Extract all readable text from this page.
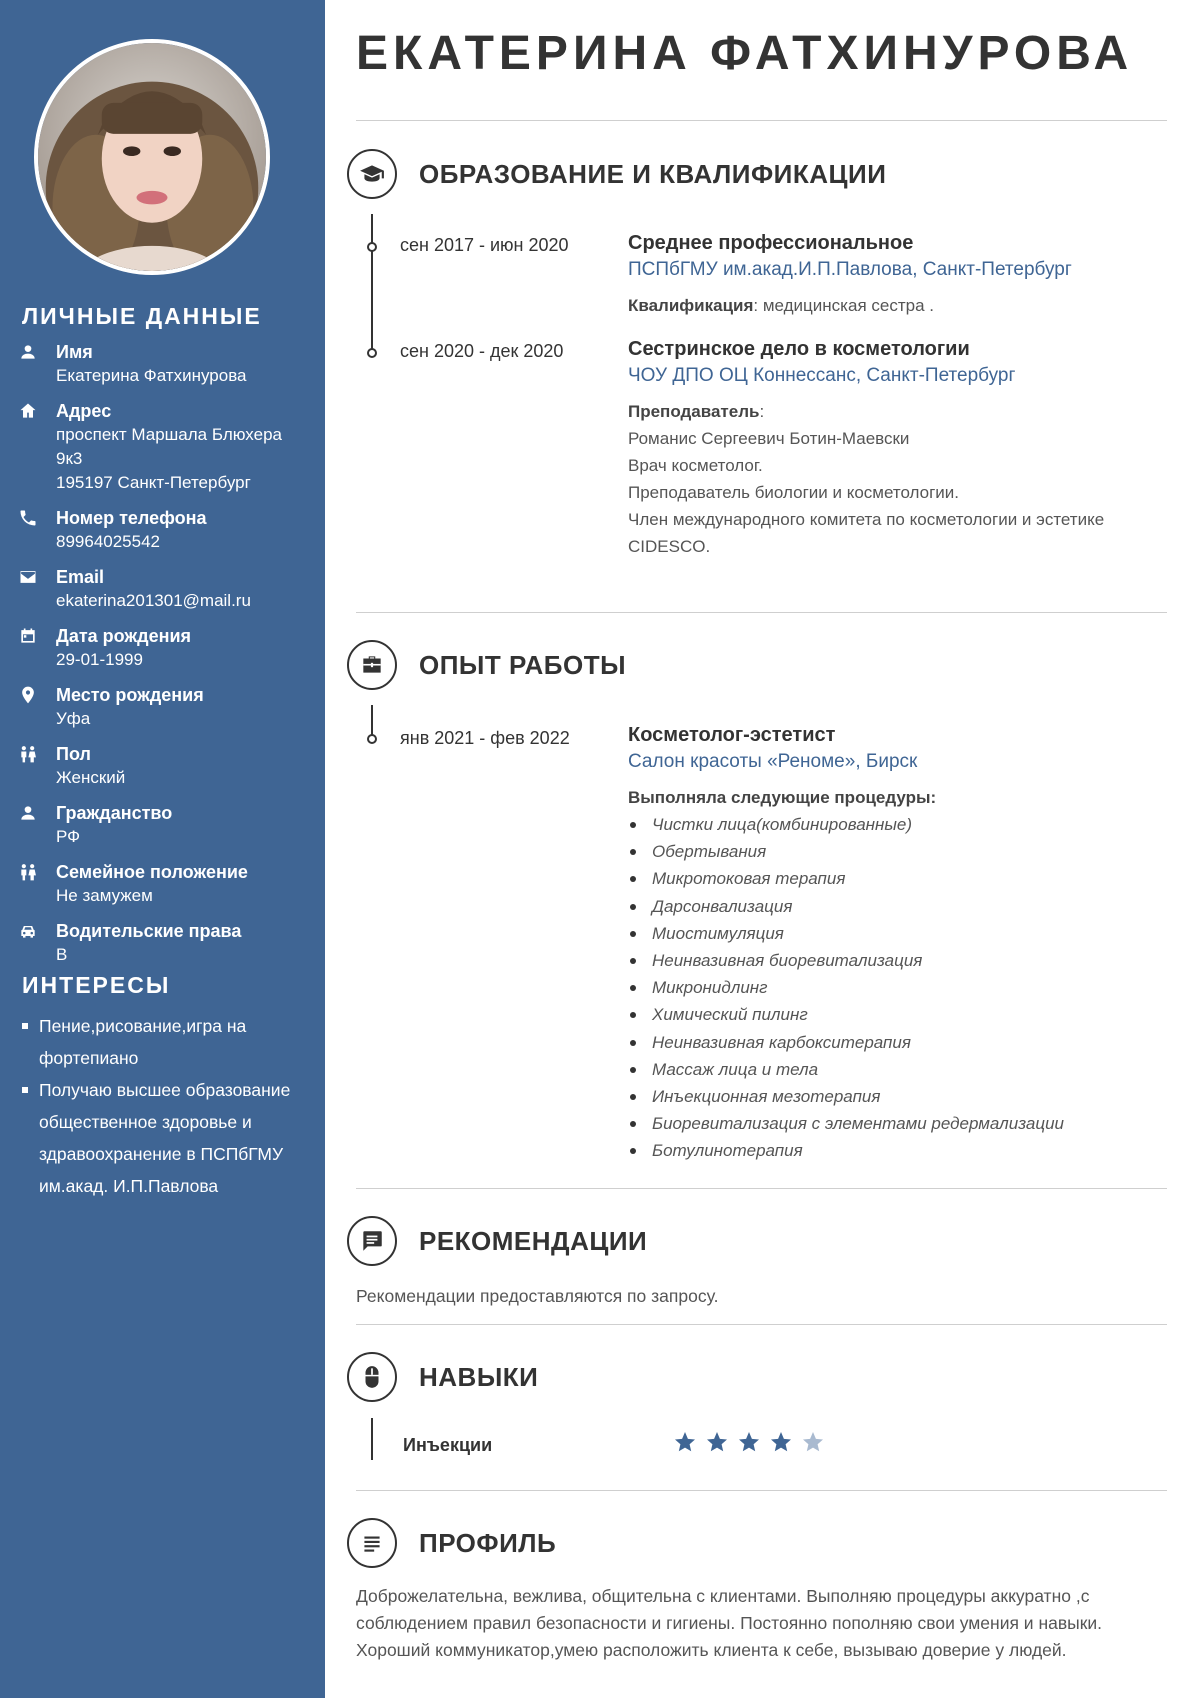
ЛИЧНЫЕ ДАННЫЕ
Имя
Екатерина Фатхинурова
Адрес
проспект Маршала Блюхера
9к3
195197 Санкт-Петербург
Номер телефона
89964025542
Email
ekaterina201301@mail.ru
Дата рождения
29-01-1999
Место рождения
Уфа
Пол
Женский
Гражданство
РФ
Семейное положение
Не замужем
Водительские права
B
ИНТЕРЕСЫ
Пение,рисование,игра на фортепиано
Получаю высшее образование общественное здоровье и здравоохранение в ПСПбГМУ им.акад. И.П.Павлова
ЕКАТЕРИНА ФАТХИНУРОВА
ОБРАЗОВАНИЕ И КВАЛИФИКАЦИИ
сен 2017 - июн 2020	Среднее профессиональное
ПСПбГМУ им.акад.И.П.Павлова, Санкт-Петербург
Квалификация: медицинская сестра .
сен 2020 - дек 2020	Сестринское дело в косметологии
ЧОУ ДПО ОЦ Коннессанс, Санкт-Петербург
Преподаватель:
Романис Сергеевич Ботин-Маевски
Врач косметолог.
Преподаватель биологии и косметологии.
Член международного комитета по косметологии и эстетике CIDESCO.
ОПЫТ РАБОТЫ
янв 2021 - фев 2022	Косметолог-эстетист
Салон красоты «Реноме», Бирск
Выполняла следующие процедуры:
Чистки лица(комбинированные)
Обертывания
Микротоковая терапия
Дарсонвализация
Миостимуляция
Неинвазивная биоревитализация
Микронидлинг
Химический пилинг
Неинвазивная карбокситерапия
Массаж лица и тела
Инъекционная мезотерапия
Биоревитализация с элементами редермализации
Ботулинотерапия
РЕКОМЕНДАЦИИ

Рекомендации предоставляются по запросу.

НАВЫКИ
Инъекции
ПРОФИЛЬ

Доброжелательна, вежлива, общительна с клиентами. Выполняю процедуры аккуратно ,с соблюдением правил безопасности и гигиены. Постоянно пополняю свои умения и навыки. Хороший коммуникатор,умею расположить клиента к себе, вызываю доверие у людей.
